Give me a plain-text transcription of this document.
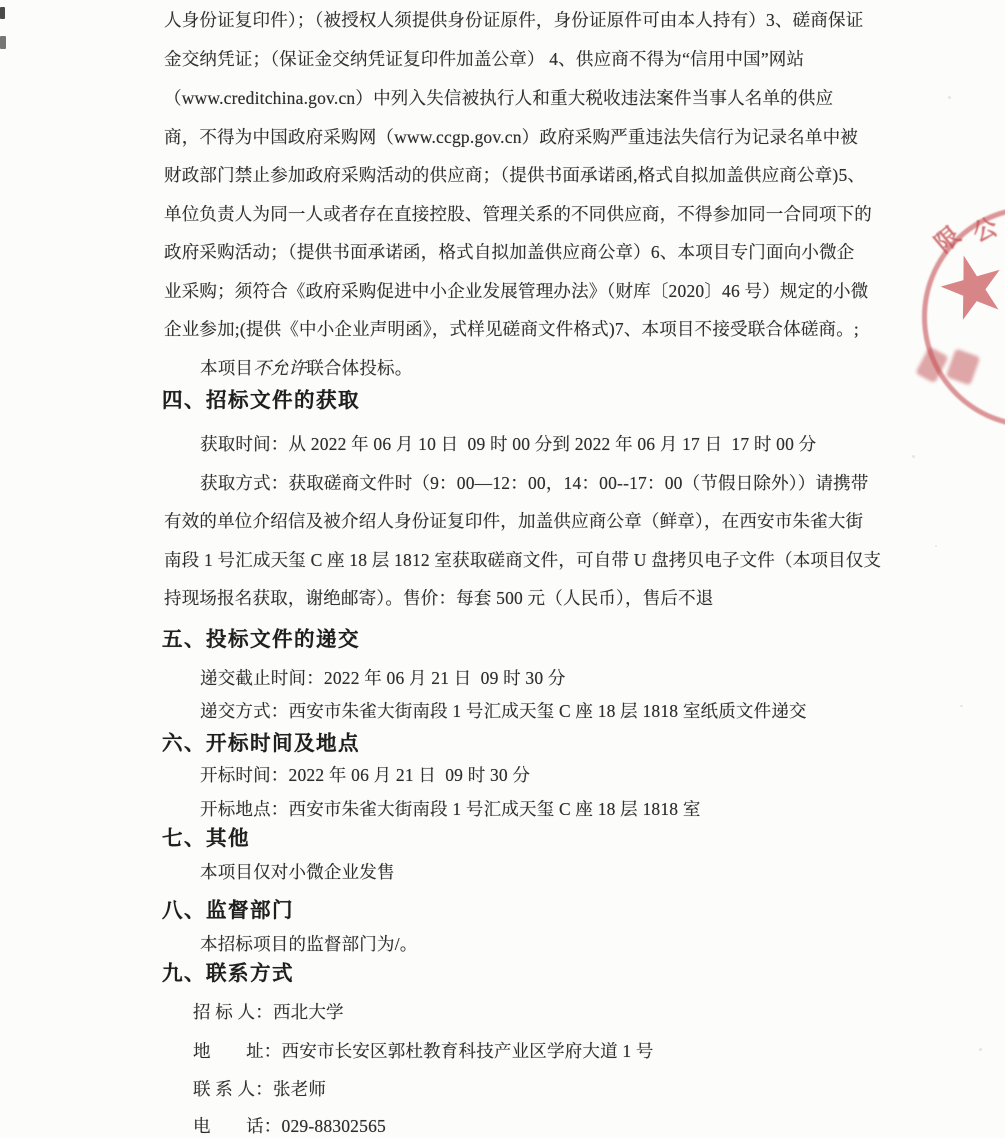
人身份证复印件）；（被授权人须提供身份证原件，身份证原件可由本人持有）3、磋商保证
金交纳凭证；（保证金交纳凭证复印件加盖公章） 4、供应商不得为“信用中国”网站
（www.creditchina.gov.cn）中列入失信被执行人和重大税收违法案件当事人名单的供应
商，不得为中国政府采购网（www.ccgp.gov.cn）政府采购严重违法失信行为记录名单中被
财政部门禁止参加政府采购活动的供应商；（提供书面承诺函,格式自拟加盖供应商公章)5、
单位负责人为同一人或者存在直接控股、管理关系的不同供应商，不得参加同一合同项下的
政府采购活动；（提供书面承诺函，格式自拟加盖供应商公章）6、本项目专门面向小微企
业采购；须符合《政府采购促进中小企业发展管理办法》（财库〔2020〕46 号）规定的小微
企业参加;(提供《中小企业声明函》，式样见磋商文件格式)7、本项目不接受联合体磋商。;
本项目不允许联合体投标。
四、招标文件的获取
获取时间：从 2022 年 06 月 10 日  09 时 00 分到 2022 年 06 月 17 日  17 时 00 分
获取方式：获取磋商文件时（9：00—12：00，14：00--17：00（节假日除外））请携带
有效的单位介绍信及被介绍人身份证复印件，加盖供应商公章（鲜章），在西安市朱雀大街
南段 1 号汇成天玺 C 座 18 层 1812 室获取磋商文件，可自带 U 盘拷贝电子文件（本项目仅支
持现场报名获取，谢绝邮寄）。售价：每套 500 元（人民币），售后不退
五、投标文件的递交
递交截止时间：2022 年 06 月 21 日  09 时 30 分
递交方式：西安市朱雀大街南段 1 号汇成天玺 C 座 18 层 1818 室纸质文件递交
六、开标时间及地点
开标时间：2022 年 06 月 21 日  09 时 30 分
开标地点：西安市朱雀大街南段 1 号汇成天玺 C 座 18 层 1818 室
七、其他
本项目仅对小微企业发售
八、监督部门
本招标项目的监督部门为/。
九、联系方式
招 标 人：西北大学
地　　址：西安市长安区郭杜教育科技产业区学府大道 1 号
联 系 人：张老师
电　　话：029-88302565
限 公
